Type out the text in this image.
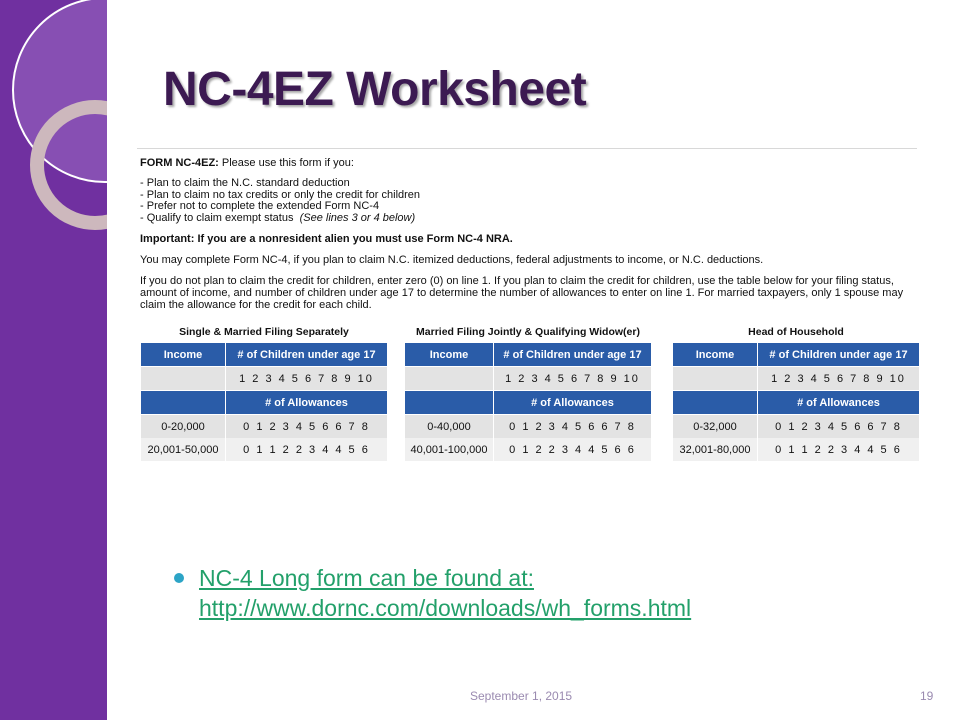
NC-4EZ Worksheet

FORM NC-4EZ: Please use this form if you:

- Plan to claim the N.C. standard deduction
- Plan to claim no tax credits or only the credit for children
- Prefer not to complete the extended Form NC-4
- Qualify to claim exempt status (See lines 3 or 4 below)

Important: If you are a nonresident alien you must use Form NC-4 NRA.

You may complete Form NC-4, if you plan to claim N.C. itemized deductions, federal adjustments to income, or N.C. deductions.

If you do not plan to claim the credit for children, enter zero (0) on line 1. If you plan to claim the credit for children, use the table below for your filing status, amount of income, and number of children under age 17 to determine the number of allowances to enter on line 1. For married taxpayers, only 1 spouse may claim the allowance for the credit for each child.

Single & Married Filing Separately
Income	# of Children under age 17
	1 2 3 4 5 6 7 8 9 10
	# of Allowances
0-20,000	0 1 2 3 4 5 6 6 7 8
20,001-50,000	0 1 1 2 2 3 4 4 5 6
Married Filing Jointly & Qualifying Widow(er)
Income	# of Children under age 17
	1 2 3 4 5 6 7 8 9 10
	# of Allowances
0-40,000	0 1 2 3 4 5 6 6 7 8
40,001-100,000	0 1 2 2 3 4 4 5 6 6
Head of Household
Income	# of Children under age 17
	1 2 3 4 5 6 7 8 9 10
	# of Allowances
0-32,000	0 1 2 3 4 5 6 6 7 8
32,001-80,000	0 1 1 2 2 3 4 4 5 6
NC-4 Long form can be found at:
http://www.dornc.com/downloads/wh_forms.html
September 1, 2015	19
